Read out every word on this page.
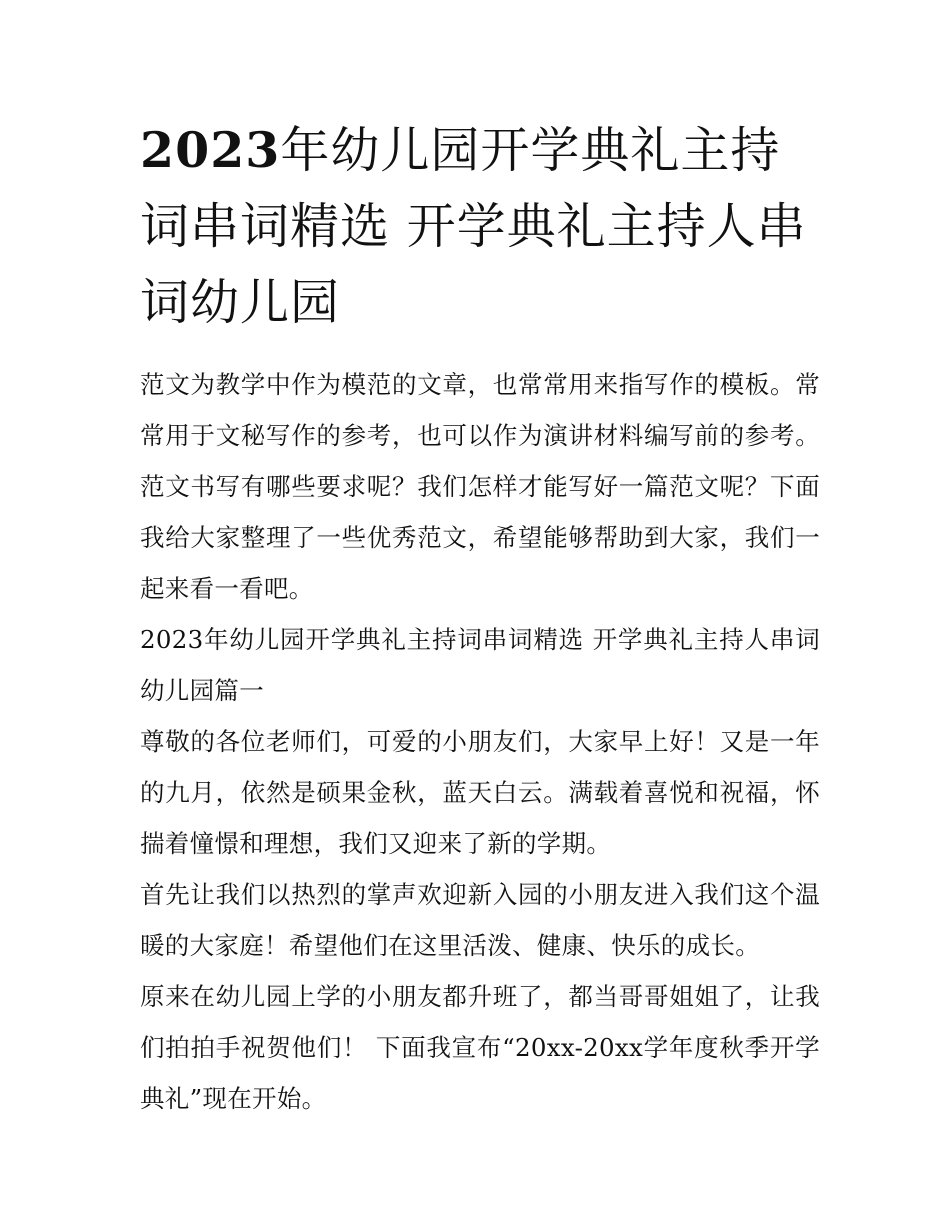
2023年幼儿园开学典礼主持词串词精选 开学典礼主持人串词幼儿园

范文为教学中作为模范的文章，也常常用来指写作的模板。常常用于文秘写作的参考，也可以作为演讲材料编写前的参考。范文书写有哪些要求呢？我们怎样才能写好一篇范文呢？下面我给大家整理了一些优秀范文，希望能够帮助到大家，我们一起来看一看吧。

2023年幼儿园开学典礼主持词串词精选 开学典礼主持人串词幼儿园篇一

尊敬的各位老师们，可爱的小朋友们，大家早上好！又是一年的九月，依然是硕果金秋，蓝天白云。满载着喜悦和祝福，怀揣着憧憬和理想，我们又迎来了新的学期。

首先让我们以热烈的掌声欢迎新入园的小朋友进入我们这个温暖的大家庭！希望他们在这里活泼、健康、快乐的成长。

原来在幼儿园上学的小朋友都升班了，都当哥哥姐姐了，让我们拍拍手祝贺他们！ 下面我宣布“20xx-20xx学年度秋季开学典礼”现在开始。
